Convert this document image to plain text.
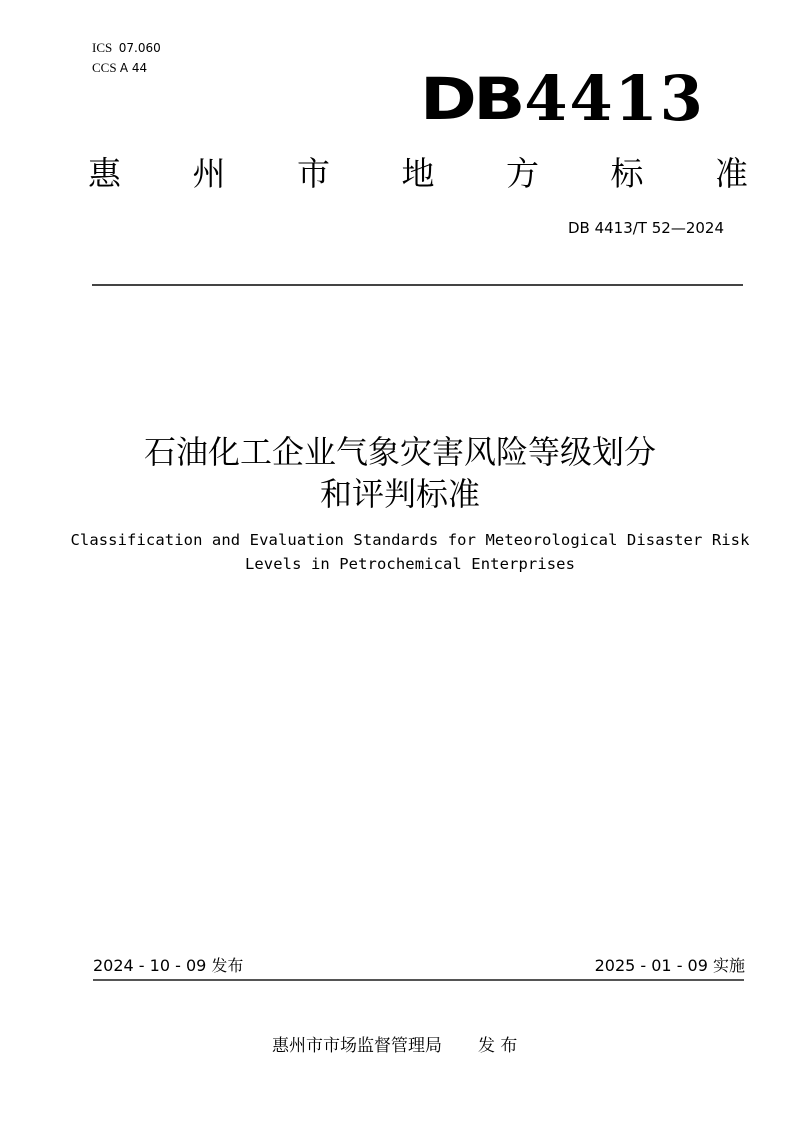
ICS 07.060
CCS A 44	DB 4413
惠 州 市 地 方 标 准
DB 4413/T 52—2024
石油化工企业气象灾害风险等级划分
和评判标准
Classification and Evaluation Standards for Meteorological Disaster Risk
Levels in Petrochemical Enterprises
2024 - 10 - 09 发布	2025 - 01 - 09 实施
惠州市市场监督管理局 发 布
